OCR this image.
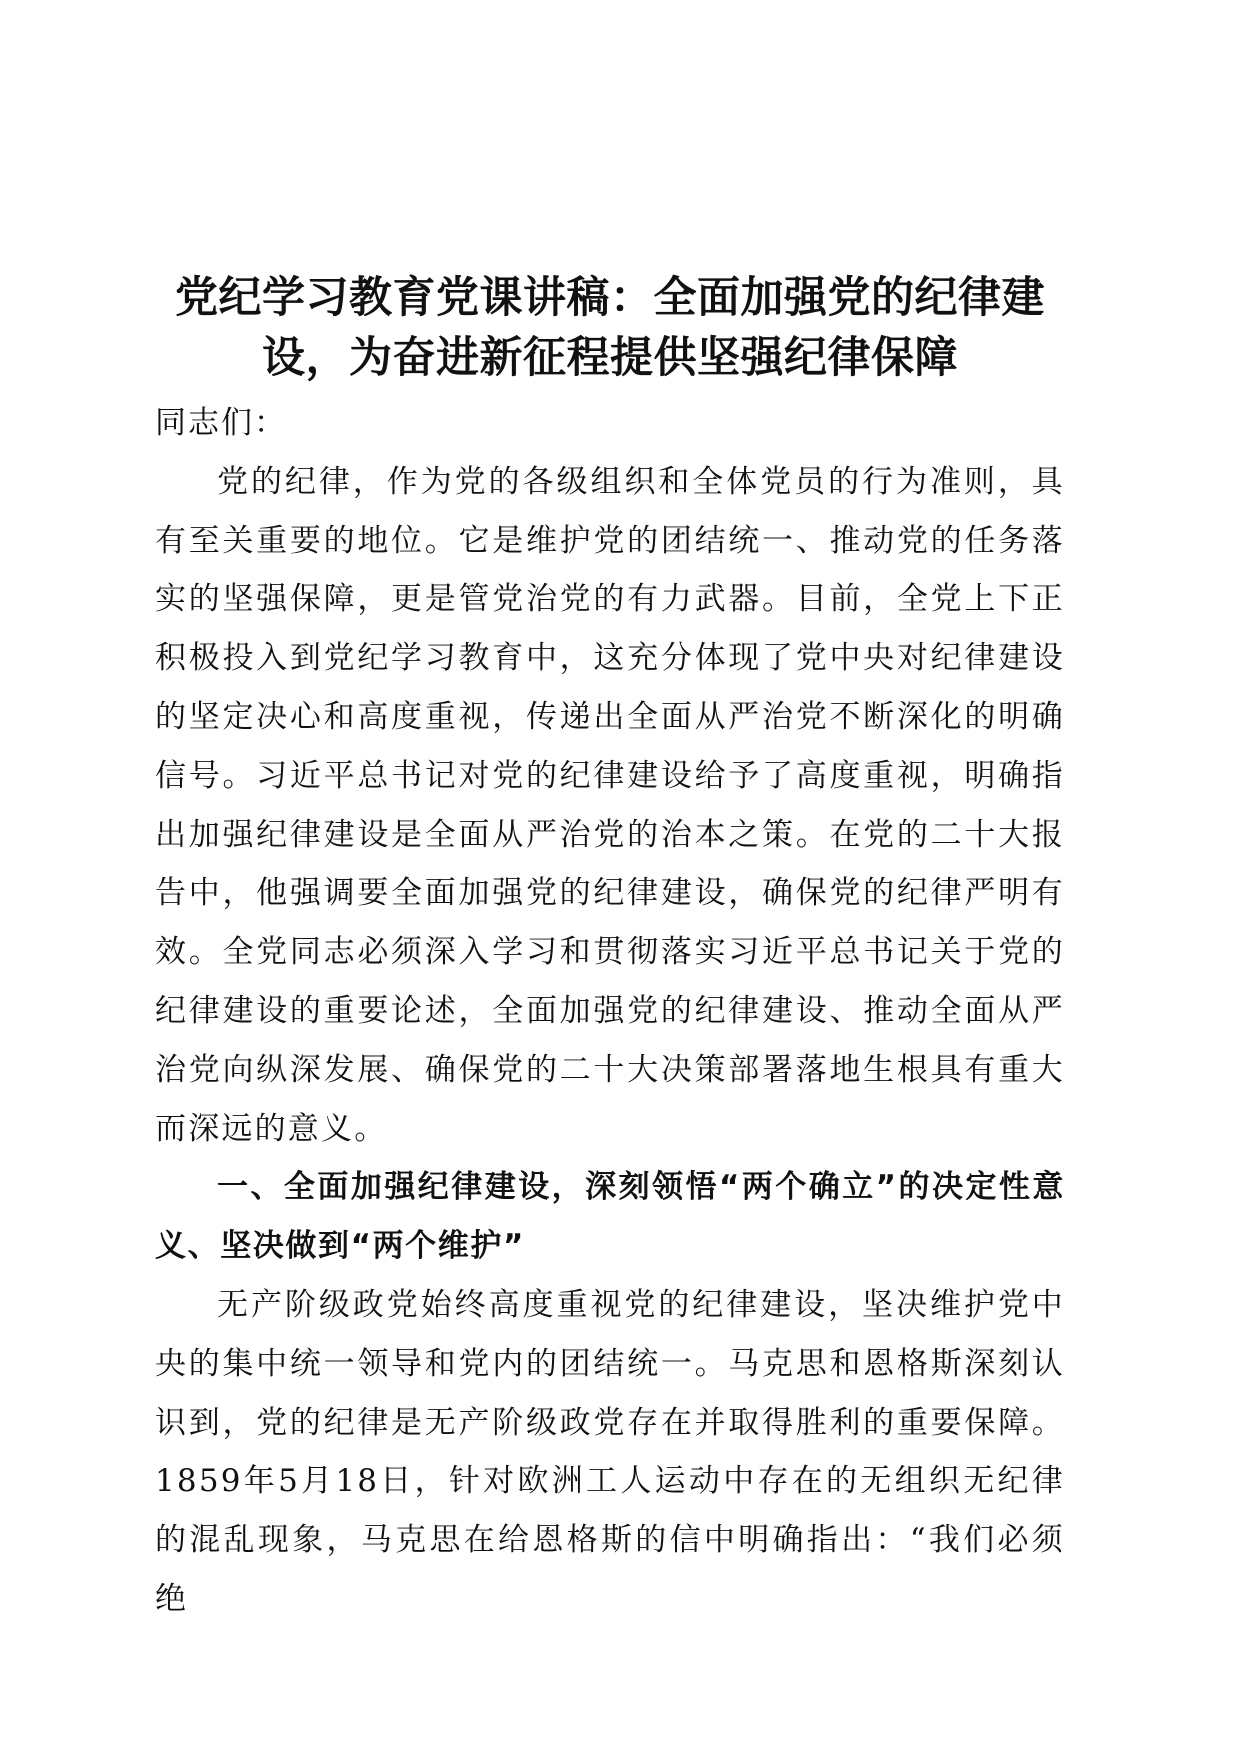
党纪学习教育党课讲稿：全面加强党的纪律建
设，为奋进新征程提供坚强纪律保障

同志们：

党的纪律，作为党的各级组织和全体党员的行为准则，具有至关重要的地位。它是维护党的团结统一、推动党的任务落实的坚强保障，更是管党治党的有力武器。目前，全党上下正积极投入到党纪学习教育中，这充分体现了党中央对纪律建设的坚定决心和高度重视，传递出全面从严治党不断深化的明确信号。习近平总书记对党的纪律建设给予了高度重视，明确指出加强纪律建设是全面从严治党的治本之策。在党的二十大报告中，他强调要全面加强党的纪律建设，确保党的纪律严明有效。全党同志必须深入学习和贯彻落实习近平总书记关于党的纪律建设的重要论述，全面加强党的纪律建设、推动全面从严治党向纵深发展、确保党的二十大决策部署落地生根具有重大而深远的意义。

一、全面加强纪律建设，深刻领悟“两个确立”的决定性意义、坚决做到“两个维护”

无产阶级政党始终高度重视党的纪律建设，坚决维护党中央的集中统一领导和党内的团结统一。马克思和恩格斯深刻认识到，党的纪律是无产阶级政党存在并取得胜利的重要保障。1859年5月18日，针对欧洲工人运动中存在的无组织无纪律的混乱现象，马克思在给恩格斯的信中明确指出：“我们必须绝
